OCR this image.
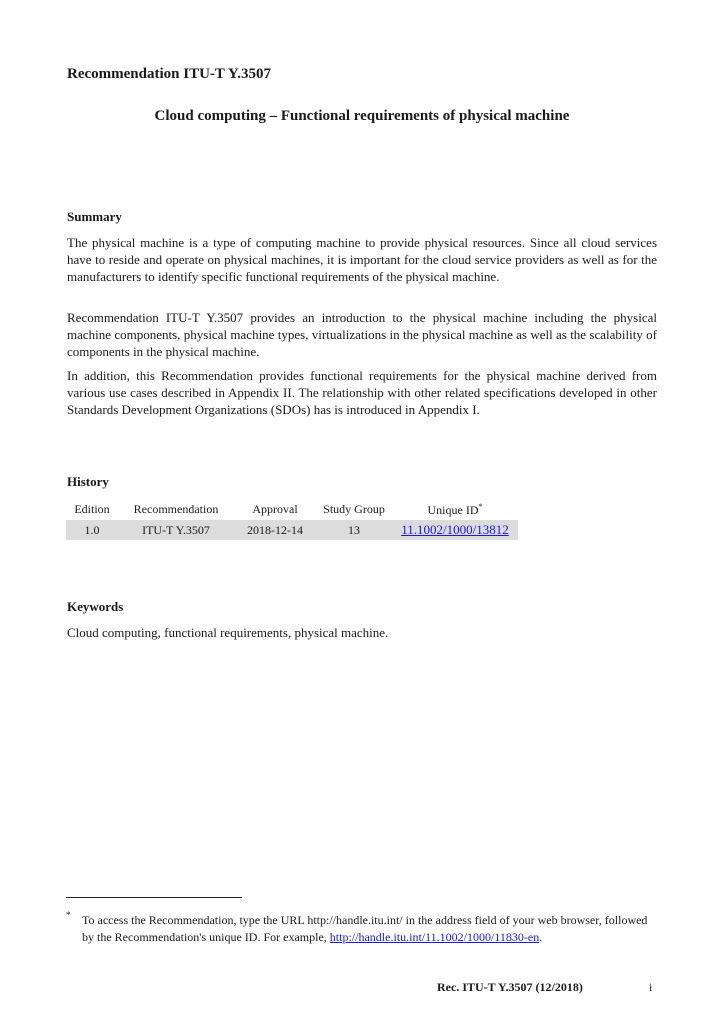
Recommendation ITU-T Y.3507
Cloud computing – Functional requirements of physical machine
Summary
The physical machine is a type of computing machine to provide physical resources. Since all cloud services have to reside and operate on physical machines, it is important for the cloud service providers as well as for the manufacturers to identify specific functional requirements of the physical machine.
Recommendation ITU-T Y.3507 provides an introduction to the physical machine including the physical machine components, physical machine types, virtualizations in the physical machine as well as the scalability of components in the physical machine.
In addition, this Recommendation provides functional requirements for the physical machine derived from various use cases described in Appendix II. The relationship with other related specifications developed in other Standards Development Organizations (SDOs) has is introduced in Appendix I.
History
Edition	Recommendation	Approval	Study Group	Unique ID*
1.0	ITU-T Y.3507	2018-12-14	13	11.1002/1000/13812
Keywords
Cloud computing, functional requirements, physical machine.
* To access the Recommendation, type the URL http://handle.itu.int/ in the address field of your web browser, followed by the Recommendation's unique ID. For example, http://handle.itu.int/11.1002/1000/11830-en.
Rec. ITU-T Y.3507 (12/2018)	i
